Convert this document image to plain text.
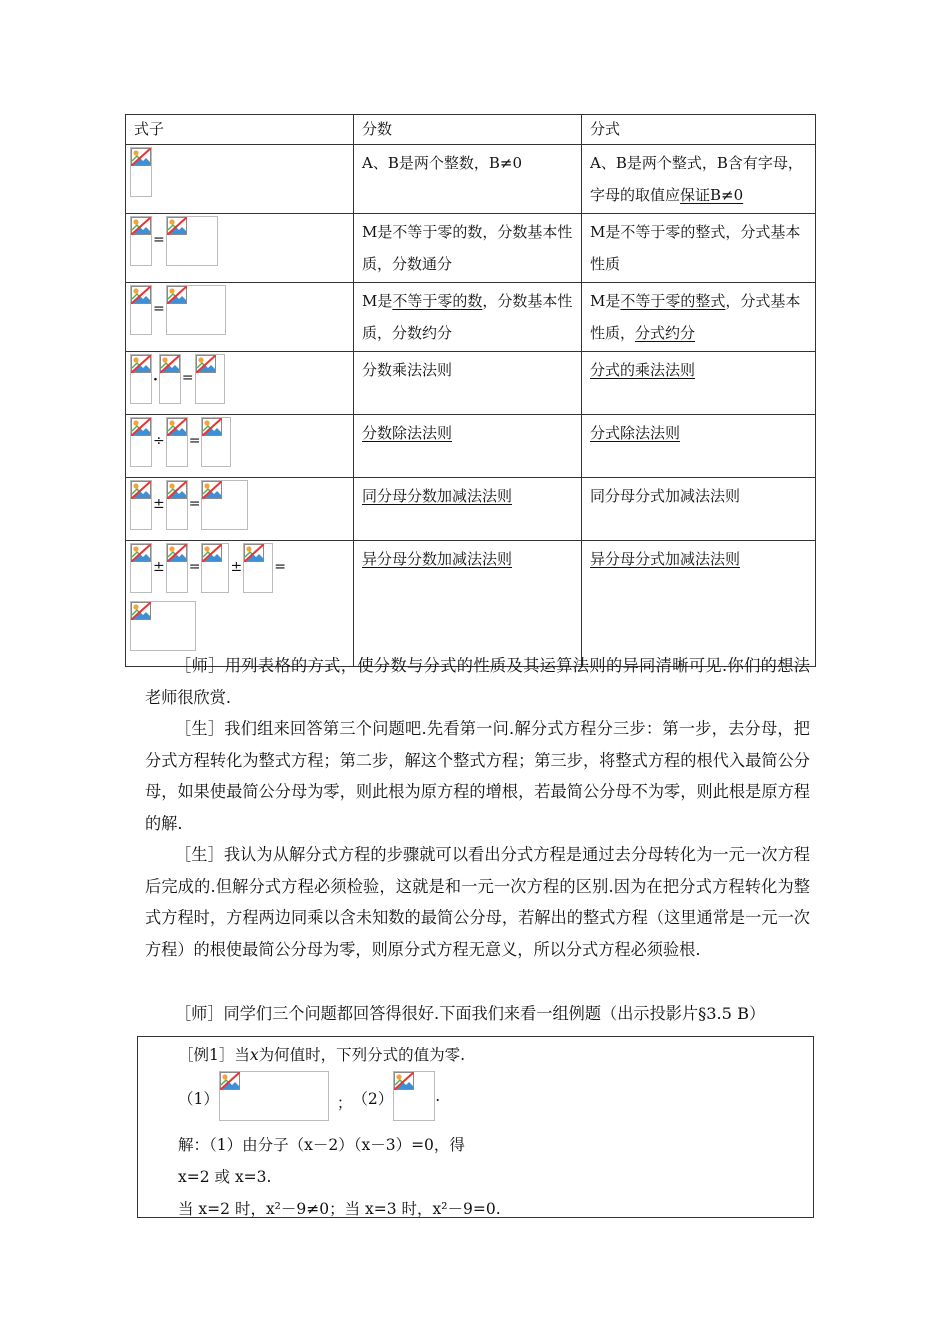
式子	分数	分式

	A、B是两个整数，B≠0	A、B是两个整式，B含有字母，字母的取值应保证B≠0

=	M是不等于零的数，分数基本性质，分数通分	M是不等于零的整式，分式基本性质

=	M是不等于零的数，分数基本性质，分数约分	M是不等于零的整式，分式基本性质，分式约分

· =	分数乘法法则	分式的乘法法则

÷ =	分数除法法则	分式除法法则

± =	同分母分数加减法法则	同分母分式加减法法则

± = ± =	异分母分数加减法法则	异分母分式加减法法则

［师］用列表格的方式，使分数与分式的性质及其运算法则的异同清晰可见.你们的想法老师很欣赏.

［生］我们组来回答第三个问题吧.先看第一问.解分式方程分三步：第一步，去分母，把分式方程转化为整式方程；第二步，解这个整式方程；第三步，将整式方程的根代入最简公分母，如果使最简公分母为零，则此根为原方程的增根，若最简公分母不为零，则此根是原方程的解.

［生］我认为从解分式方程的步骤就可以看出分式方程是通过去分母转化为一元一次方程后完成的.但解分式方程必须检验，这就是和一元一次方程的区别.因为在把分式方程转化为整式方程时，方程两边同乘以含未知数的最简公分母，若解出的整式方程（这里通常是一元一次方程）的根使最简公分母为零，则原分式方程无意义，所以分式方程必须验根.

［师］同学们三个问题都回答得很好.下面我们来看一组例题（出示投影片§3.5 B）

［例1］当x为何值时，下列分式的值为零.
（1）	； （2）	.
解：（1）由分子（x－2）（x－3）=0，得
x=2 或 x=3.
当 x=2 时，x²－9≠0；当 x=3 时，x²－9=0.
